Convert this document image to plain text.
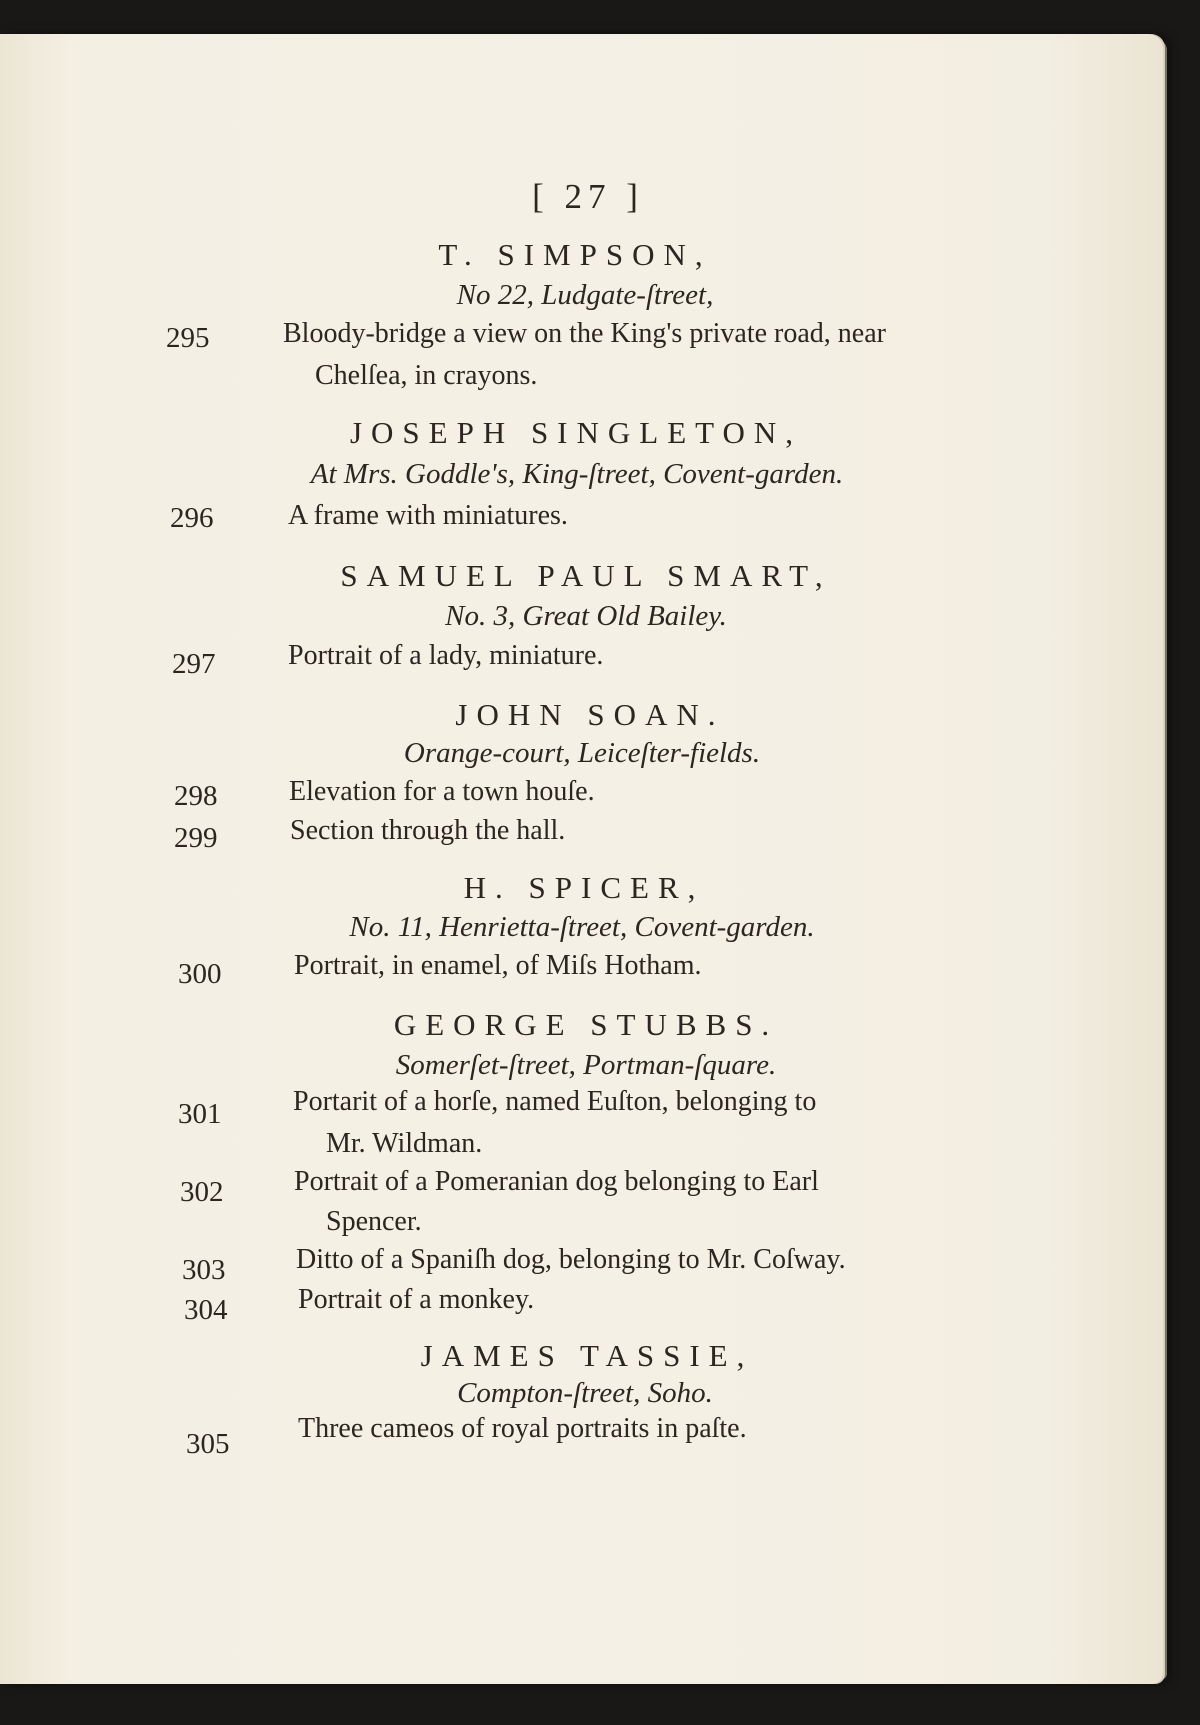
[ 27 ]
T. SIMPSON,
No 22, Ludgate-ſtreet,
295	Bloody-bridge a view on the King's private road, near
Chelſea, in crayons.
JOSEPH SINGLETON,
At Mrs. Goddle's, King-ſtreet, Covent-garden.
296	A frame with miniatures.
SAMUEL PAUL SMART,
No. 3, Great Old Bailey.
297	Portrait of a lady, miniature.
JOHN SOAN.
Orange-court, Leiceſter-fields.
298	Elevation for a town houſe.
299	Section through the hall.
H. SPICER,
No. 11, Henrietta-ſtreet, Covent-garden.
300	Portrait, in enamel, of Miſs Hotham.
GEORGE STUBBS.
Somerſet-ſtreet, Portman-ſquare.
301	Portarit of a horſe, named Euſton, belonging to
Mr. Wildman.
302	Portrait of a Pomeranian dog belonging to Earl
Spencer.
303	Ditto of a Spaniſh dog, belonging to Mr. Coſway.
304	Portrait of a monkey.
JAMES TASSIE,
Compton-ſtreet, Soho.
305 Three cameos of royal portraits in paſte.
